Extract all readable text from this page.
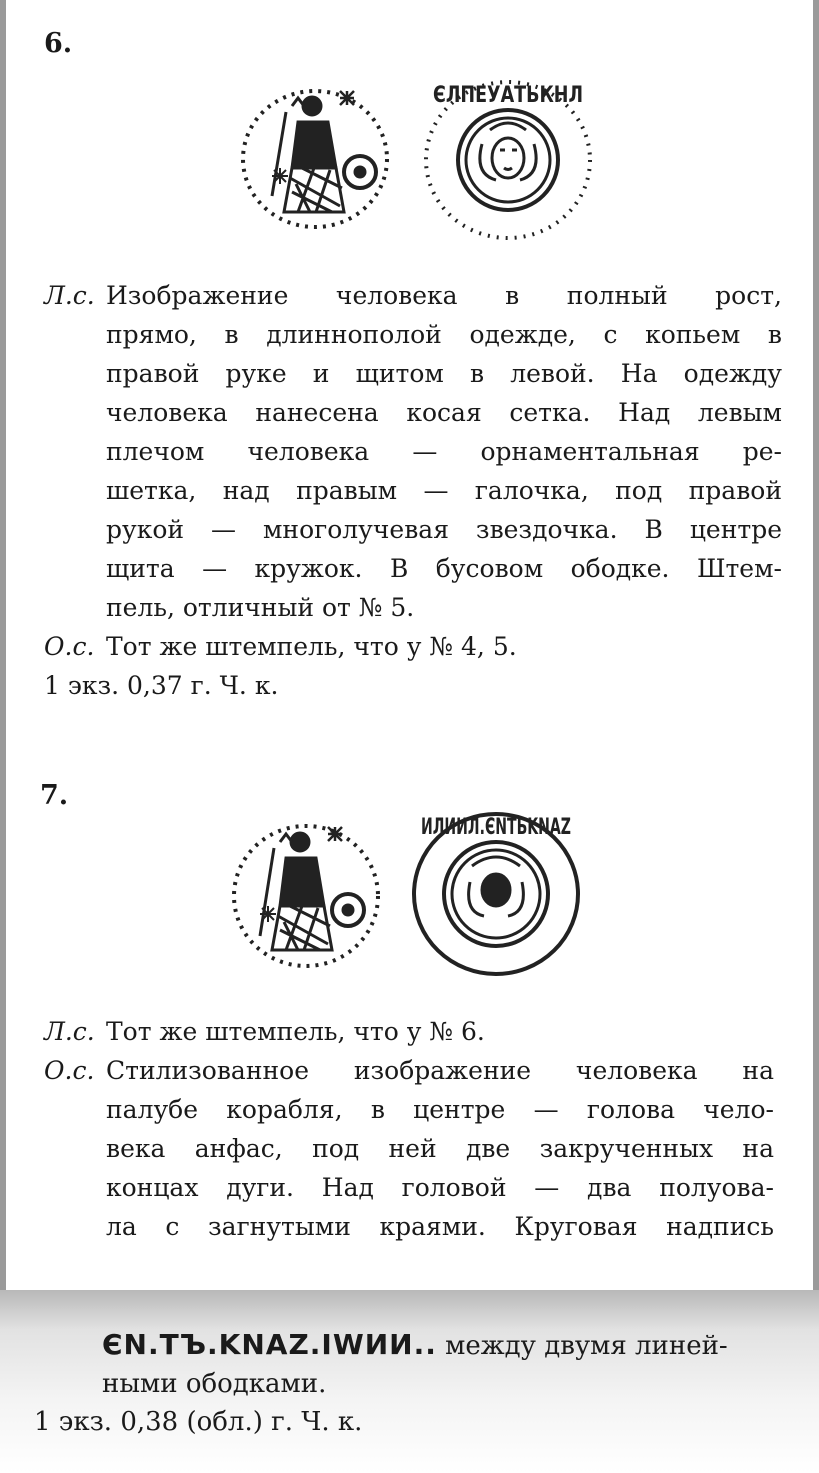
6.
ЄЛПЕУАТЬКНЛ

Л.с. Изображение человека в полный рост,

прямо, в длиннополой одежде, с копьем в

правой руке и щитом в левой. На одежду

человека нанесена косая сетка. Над левым

плечом человека — орнаментальная ре-

шетка, над правым — галочка, под правой

рукой — многолучевая звездочка. В центре

щита — кружок. В бусовом ободке. Штем-

пель, отличный от № 5.

О.с. Тот же штемпель, что у № 4, 5.

1 экз. 0,37 г. Ч. к.

7.
ИЛИИЛ.ЄNТЬKNAZ

Л.с. Тот же штемпель, что у № 6.

О.с. Стилизованное изображение человека на

палубе корабля, в центре — голова чело-

века анфас, под ней две закрученных на

концах дуги. Над головой — два полуова-

ла с загнутыми краями. Круговая надпись

ЄN.ТЪ.KNAZ.IWИИ.. между двумя линей-

ными ободками.

1 экз. 0,38 (обл.) г. Ч. к.
